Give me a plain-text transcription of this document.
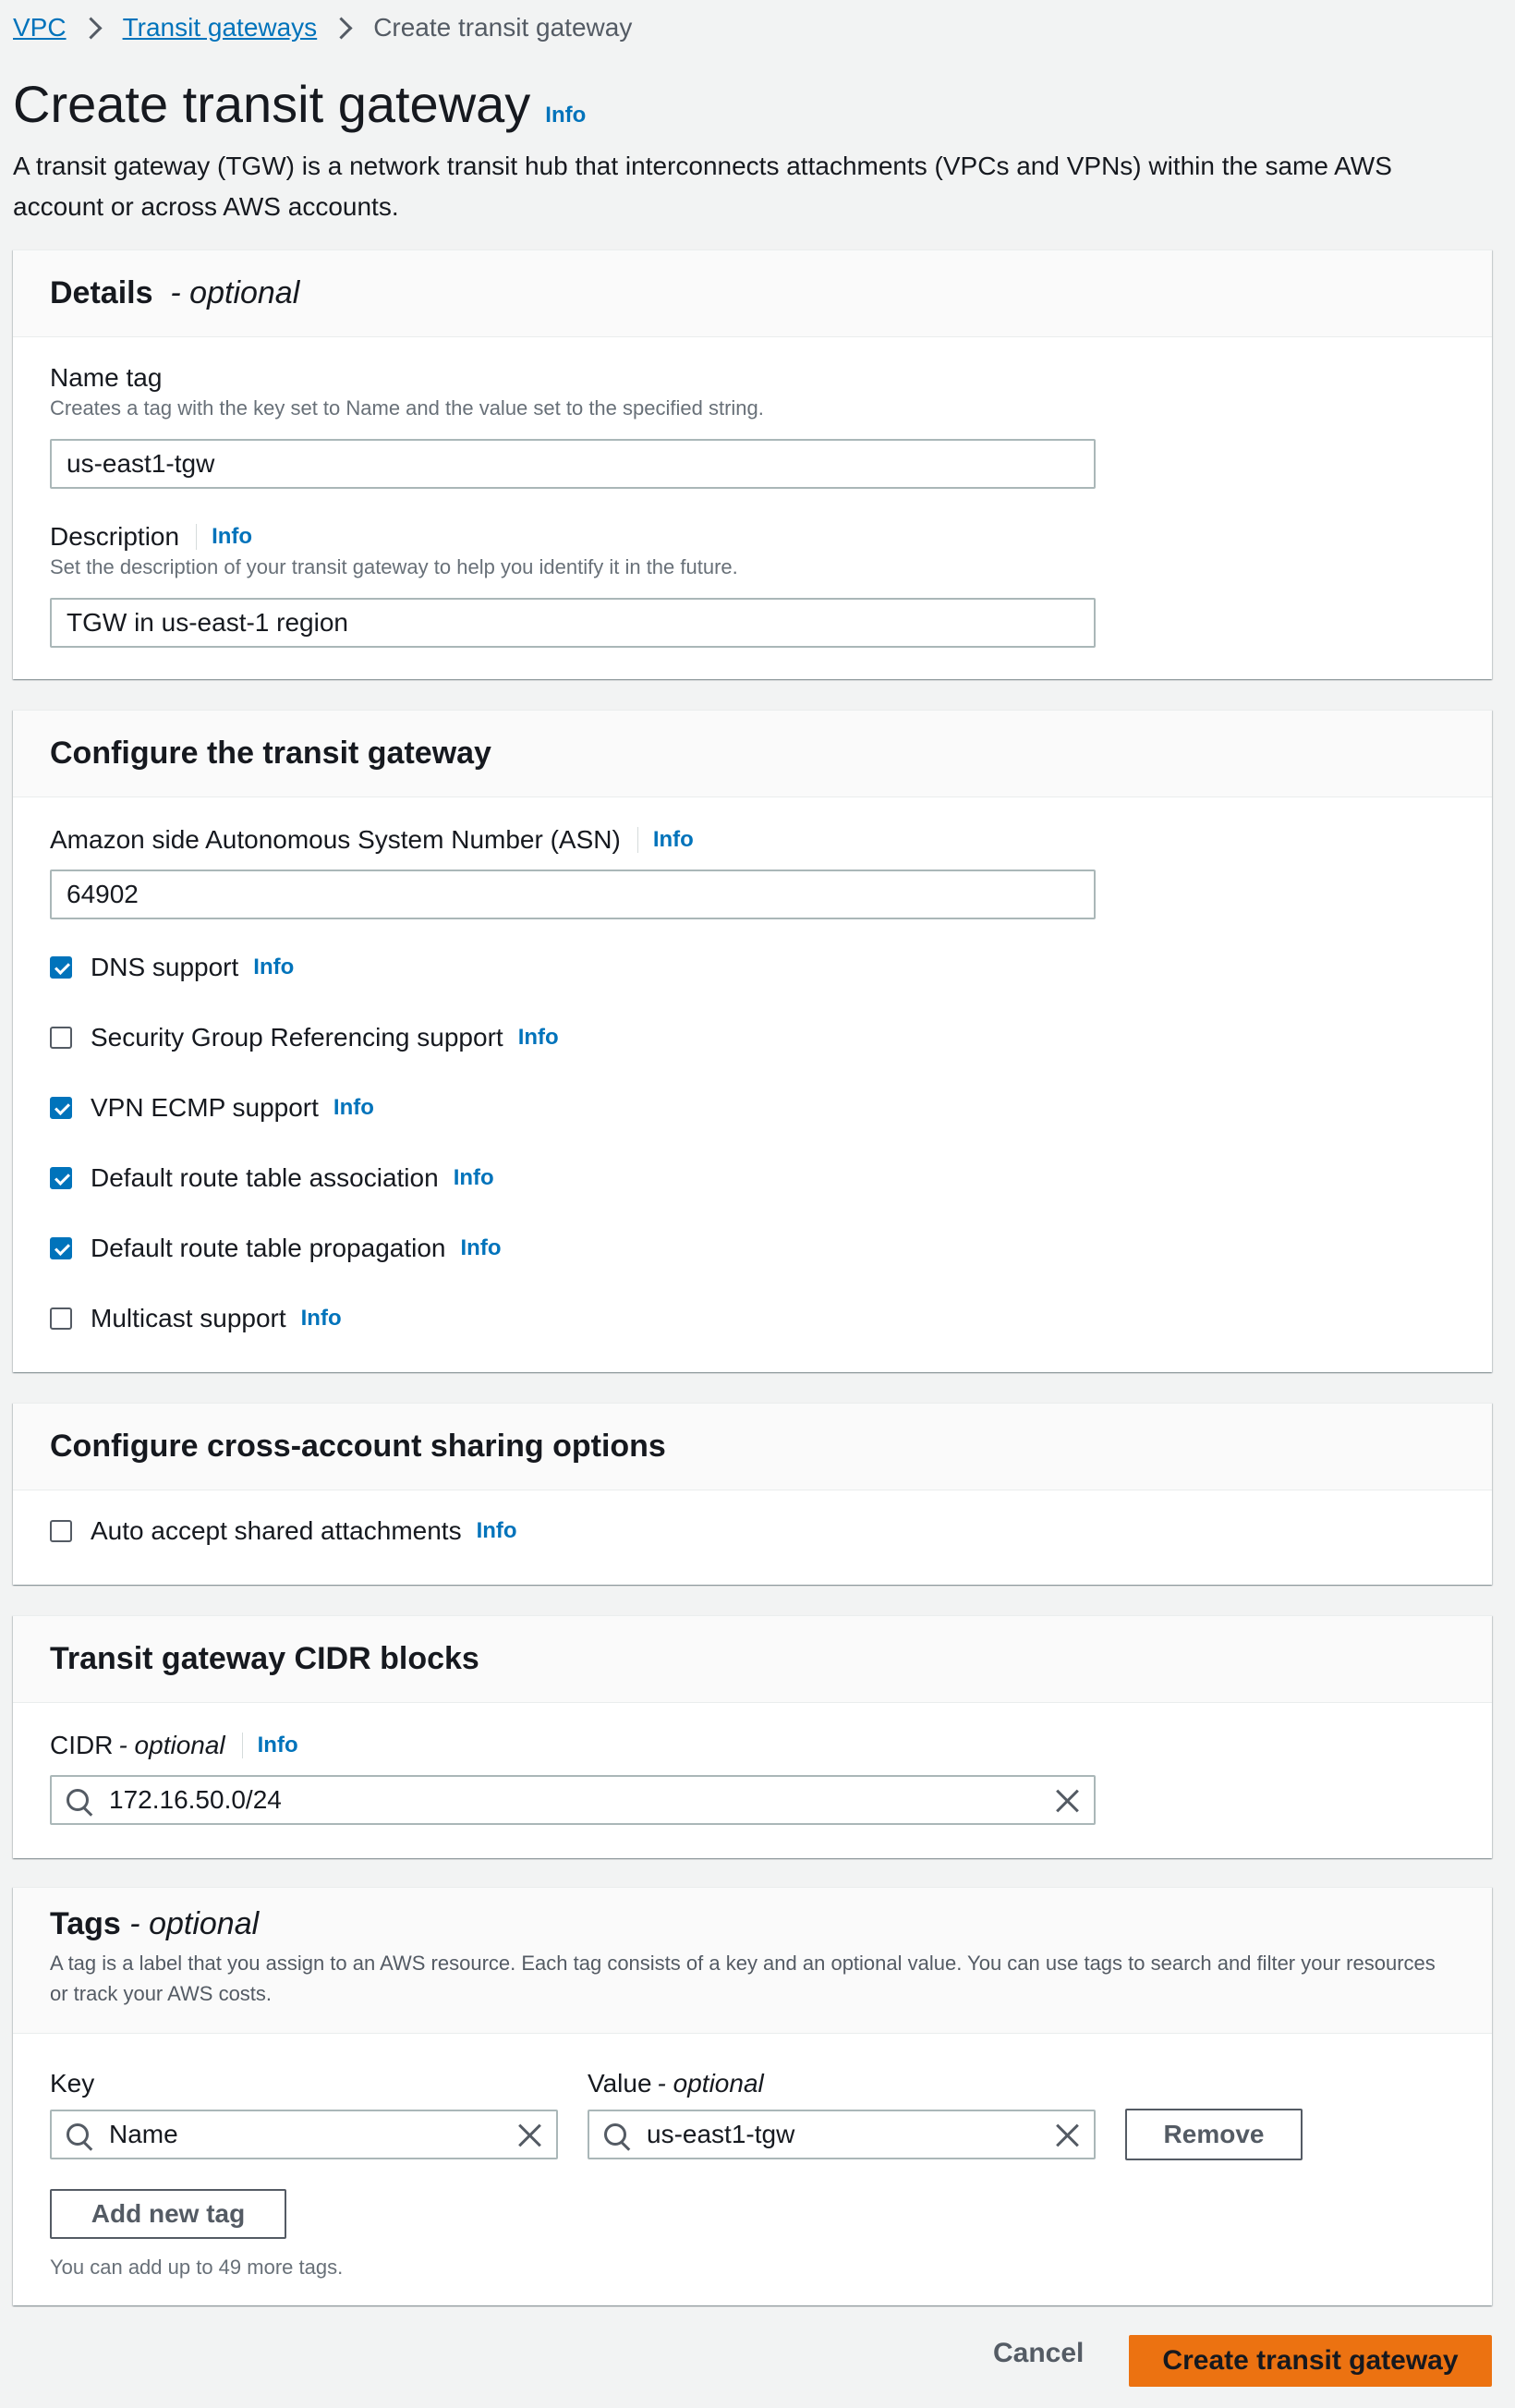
VPC Transit gateways Create transit gateway
Create transit gateway Info
A transit gateway (TGW) is a network transit hub that interconnects attachments (VPCs and VPNs) within the same AWS account or across AWS accounts.
Details - optional
Name tag
Creates a tag with the key set to Name and the value set to the specified string.
us-east1-tgw
Description Info
Set the description of your transit gateway to help you identify it in the future.
TGW in us-east-1 region
Configure the transit gateway
Amazon side Autonomous System Number (ASN) Info
64902
DNS support Info
Security Group Referencing support Info
VPN ECMP support Info
Default route table association Info
Default route table propagation Info
Multicast support Info
Configure cross-account sharing options
Auto accept shared attachments Info
Transit gateway CIDR blocks
CIDR - optional Info
172.16.50.0/24
Tags - optional
A tag is a label that you assign to an AWS resource. Each tag consists of a key and an optional value. You can use tags to search and filter your resources or track your AWS costs.
Key	Value - optional
Name	us-east1-tgw	Remove
Add new tag
You can add up to 49 more tags.
Cancel	Create transit gateway
